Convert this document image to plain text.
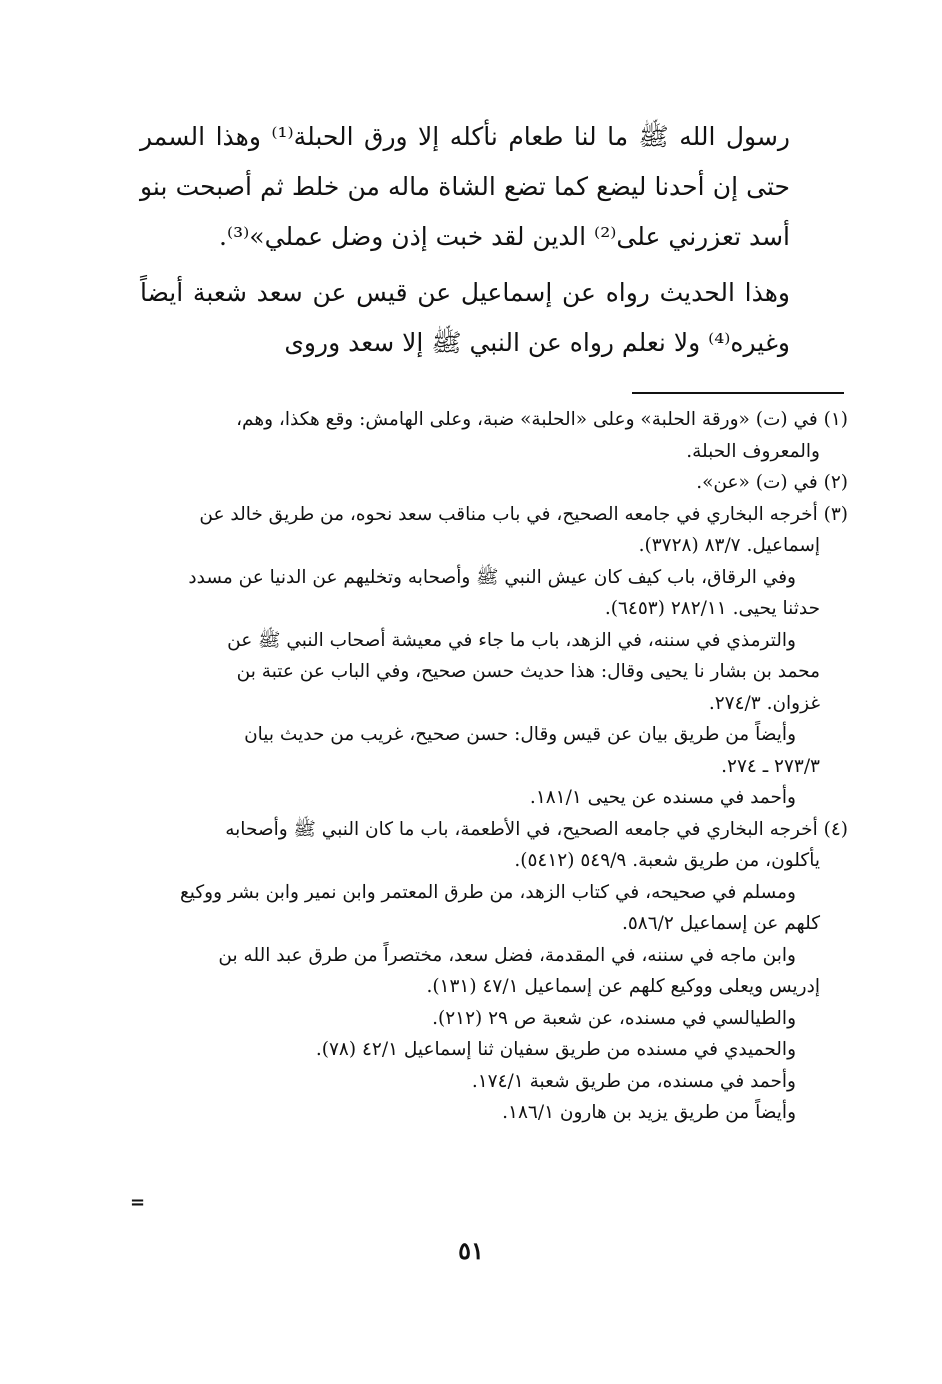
رسول الله ﷺ ما لنا طعام نأكله إلا ورق الحبلة⁽¹⁾ وهذا السمر حتى إن أحدنا ليضع كما تضع الشاة ماله من خلط ثم أصبحت بنو أسد تعزرني على⁽²⁾ الدين لقد خبت إذن وضل عملي»⁽³⁾.

وهذا الحديث رواه عن إسماعيل عن قيس عن سعد شعبة أيضاً وغيره⁽⁴⁾ ولا نعلم رواه عن النبي ﷺ إلا سعد وروى

(١) في (ت) «ورقة الحلبة» وعلى «الحلبة» ضبة، وعلى الهامش: وقع هكذا، وهم،

والمعروف الحبلة.

(٢) في (ت) «عن».

(٣) أخرجه البخاري في جامعه الصحيح، في باب مناقب سعد نحوه، من طريق خالد عن

إسماعيل. ٨٣/٧ (٣٧٢٨).

وفي الرقاق، باب كيف كان عيش النبي ﷺ وأصحابه وتخليهم عن الدنيا عن مسدد

حدثنا يحيى. ٢٨٢/١١ (٦٤٥٣).

والترمذي في سننه، في الزهد، باب ما جاء في معيشة أصحاب النبي ﷺ عن

محمد بن بشار نا يحيى وقال: هذا حديث حسن صحيح، وفي الباب عن عتبة بن

غزوان. ٢٧٤/٣.

وأيضاً من طريق بيان عن قيس وقال: حسن صحيح، غريب من حديث بيان

٢٧٣/٣ ـ ٢٧٤.

وأحمد في مسنده عن يحيى ١٨١/١.

(٤) أخرجه البخاري في جامعه الصحيح، في الأطعمة، باب ما كان النبي ﷺ وأصحابه

يأكلون، من طريق شعبة. ٥٤٩/٩ (٥٤١٢).

ومسلم في صحيحه، في كتاب الزهد، من طرق المعتمر وابن نمير وابن بشر ووكيع

كلهم عن إسماعيل ٥٨٦/٢.

وابن ماجه في سننه، في المقدمة، فضل سعد، مختصراً من طرق عبد الله بن

إدريس ويعلى ووكيع كلهم عن إسماعيل ٤٧/١ (١٣١).

والطيالسي في مسنده، عن شعبة ص ٢٩ (٢١٢).

والحميدي في مسنده من طريق سفيان ثنا إسماعيل ٤٢/١ (٧٨).

وأحمد في مسنده، من طريق شعبة ١٧٤/١.

وأيضاً من طريق يزيد بن هارون ١٨٦/١.

=
٥١
